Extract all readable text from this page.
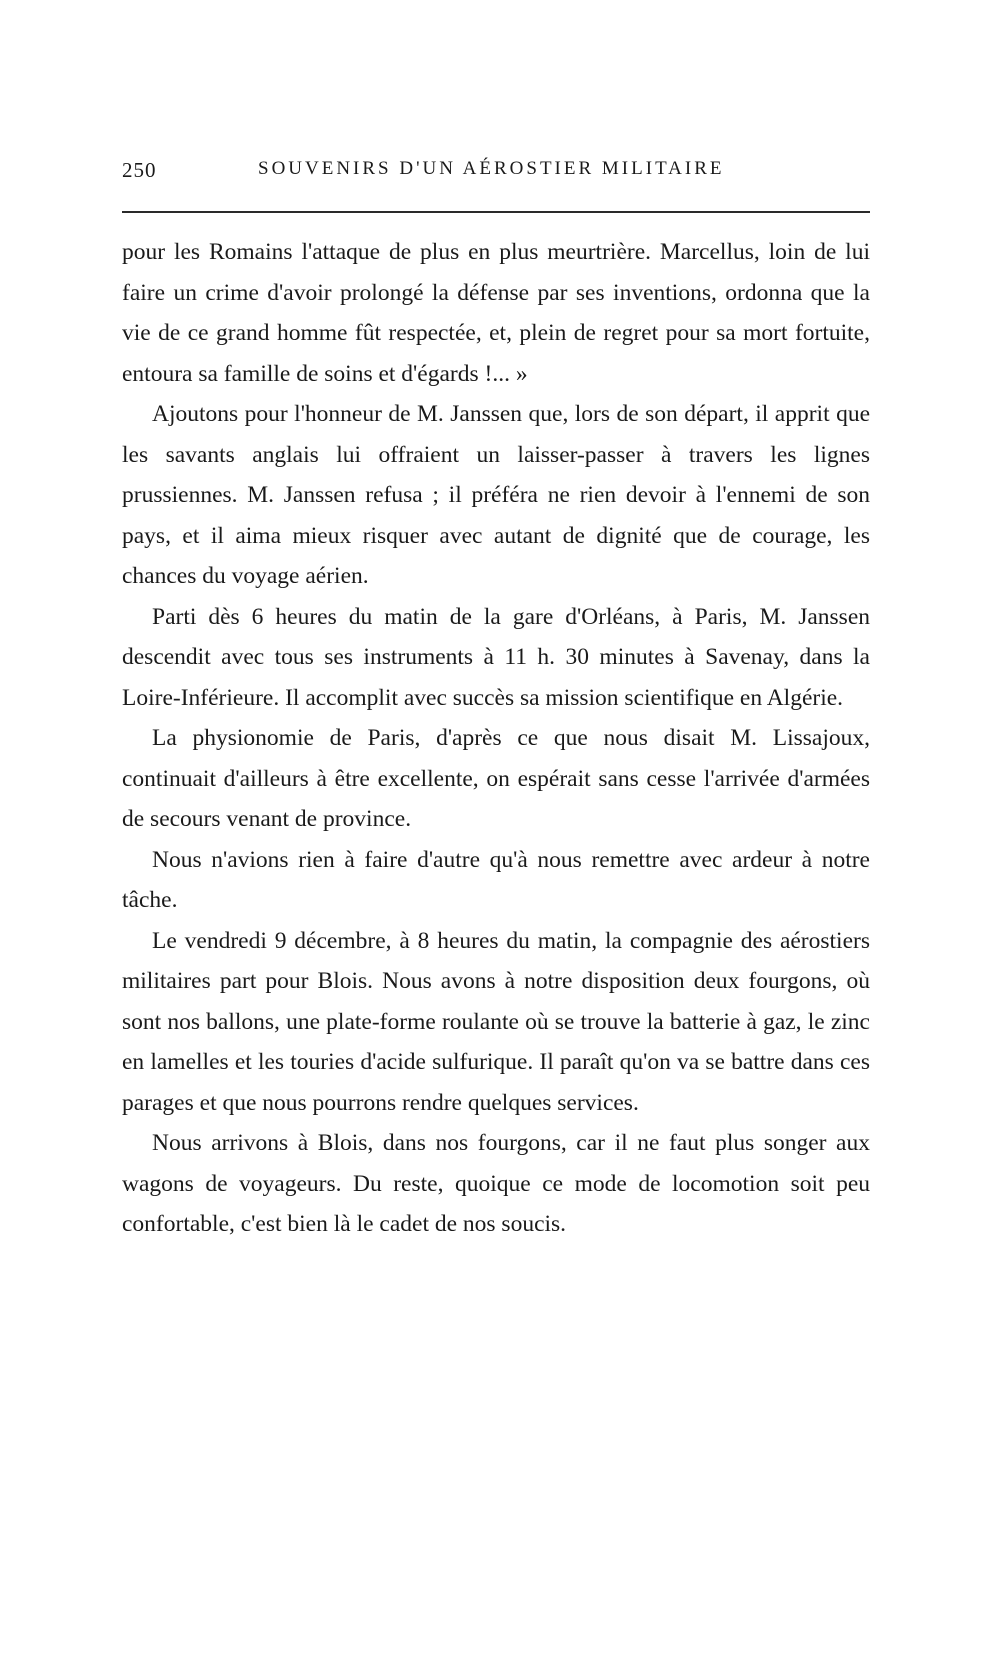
250	SOUVENIRS D'UN AÉROSTIER MILITAIRE

pour les Romains l'attaque de plus en plus meurtrière. Marcellus, loin de lui faire un crime d'avoir prolongé la défense par ses inventions, ordonna que la vie de ce grand homme fût respectée, et, plein de regret pour sa mort fortuite, entoura sa famille de soins et d'égards !... »

Ajoutons pour l'honneur de M. Janssen que, lors de son départ, il apprit que les savants anglais lui offraient un laisser-passer à travers les lignes prussiennes. M. Janssen refusa ; il préféra ne rien devoir à l'ennemi de son pays, et il aima mieux risquer avec autant de dignité que de courage, les chances du voyage aérien.

Parti dès 6 heures du matin de la gare d'Orléans, à Paris, M. Janssen descendit avec tous ses instruments à 11 h. 30 minutes à Savenay, dans la Loire-Inférieure. Il accomplit avec succès sa mission scientifique en Algérie.

La physionomie de Paris, d'après ce que nous disait M. Lissajoux, continuait d'ailleurs à être excellente, on espérait sans cesse l'arrivée d'armées de secours venant de province.

Nous n'avions rien à faire d'autre qu'à nous remettre avec ardeur à notre tâche.

Le vendredi 9 décembre, à 8 heures du matin, la compagnie des aérostiers militaires part pour Blois. Nous avons à notre disposition deux fourgons, où sont nos ballons, une plate-forme roulante où se trouve la batterie à gaz, le zinc en lamelles et les touries d'acide sulfurique. Il paraît qu'on va se battre dans ces parages et que nous pourrons rendre quelques services.

Nous arrivons à Blois, dans nos fourgons, car il ne faut plus songer aux wagons de voyageurs. Du reste, quoique ce mode de locomotion soit peu confortable, c'est bien là le cadet de nos soucis.
